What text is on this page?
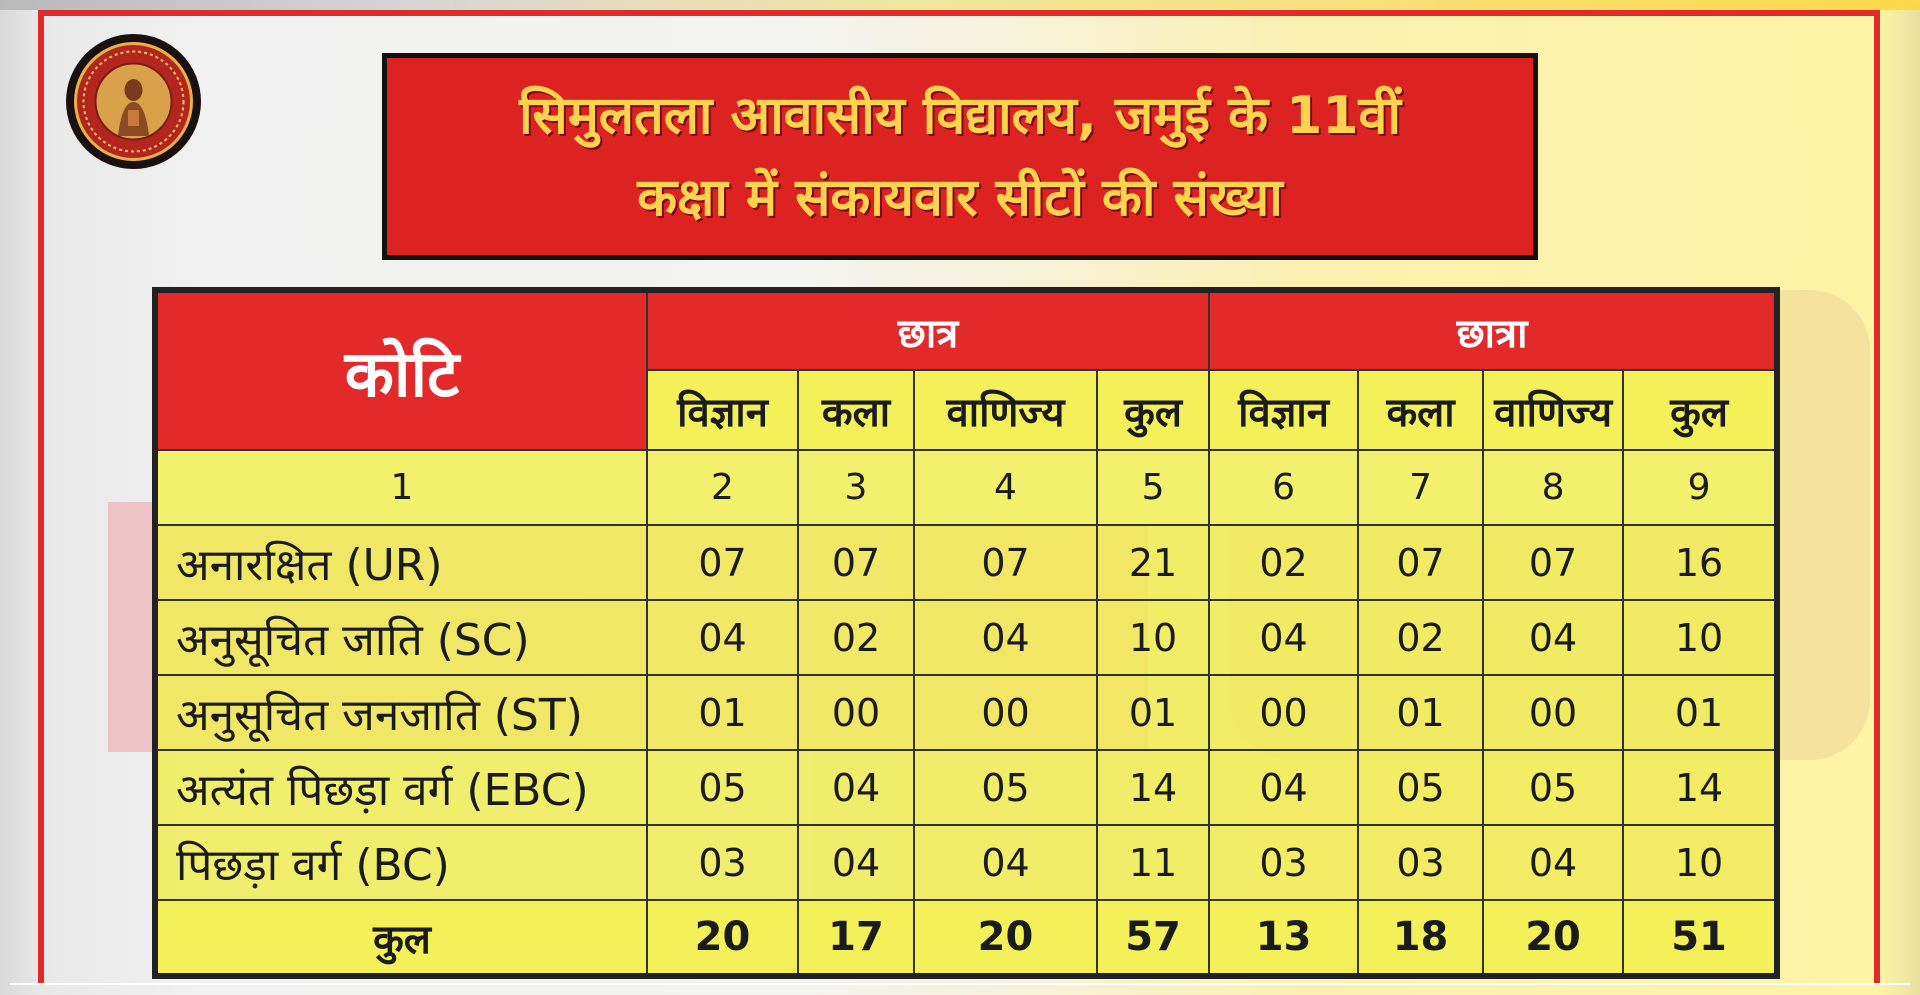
सिमुलतला आवासीय विद्यालय, जमुई के 11वीं
कक्षा में संकायवार सीटों की संख्या
कोटि	छात्र				छात्रा			
	विज्ञान	कला	वाणिज्य	कुल	विज्ञान	कला	वाणिज्य	कुल
1	2	3	4	5	6	7	8	9
अनारक्षित (UR)	07	07	07	21	02	07	07	16
अनुसूचित जाति (SC)	04	02	04	10	04	02	04	10
अनुसूचित जनजाति (ST)	01	00	00	01	00	01	00	01
अत्यंत पिछड़ा वर्ग (EBC)	05	04	05	14	04	05	05	14
पिछड़ा वर्ग (BC)	03	04	04	11	03	03	04	10
कुल	20	17	20	57	13	18	20	51
